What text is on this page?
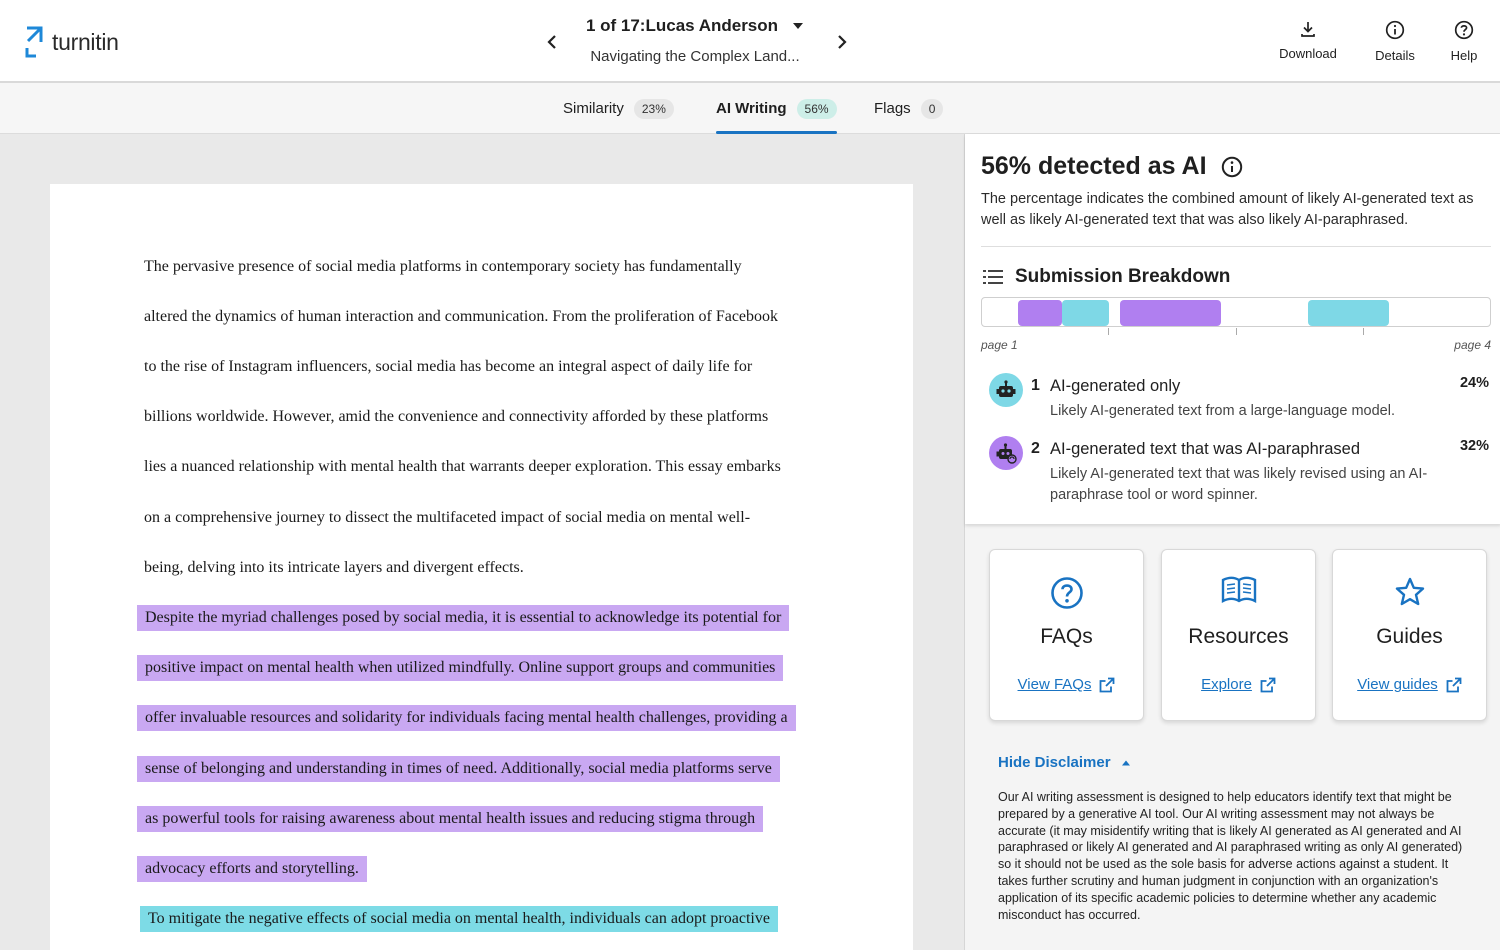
turnitin
1 of 17:Lucas Anderson
Navigating the Complex Land...	Download	Details	Help
Similarity	23%	AI Writing	56%	Flags	0
The pervasive presence of social media platforms in contemporary society has fundamentally
altered the dynamics of human interaction and communication. From the proliferation of Facebook
to the rise of Instagram influencers, social media has become an integral aspect of daily life for
billions worldwide. However, amid the convenience and connectivity afforded by these platforms
lies a nuanced relationship with mental health that warrants deeper exploration. This essay embarks
on a comprehensive journey to dissect the multifaceted impact of social media on mental well-
being, delving into its intricate layers and divergent effects.
Despite the myriad challenges posed by social media, it is essential to acknowledge its potential for
positive impact on mental health when utilized mindfully. Online support groups and communities
offer invaluable resources and solidarity for individuals facing mental health challenges, providing a
sense of belonging and understanding in times of need. Additionally, social media platforms serve
as powerful tools for raising awareness about mental health issues and reducing stigma through
advocacy efforts and storytelling.
To mitigate the negative effects of social media on mental health, individuals can adopt proactive
56% detected as AI
The percentage indicates the combined amount of likely AI-generated text as well as likely AI-generated text that was also likely AI-paraphrased.
Submission Breakdown
page 1	page 4
1 AI-generated only
Likely AI-generated text from a large-language model.
24%
2 AI-generated text that was AI-paraphrased
Likely AI-generated text that was likely revised using an AI-paraphrase tool or word spinner.
32%
FAQs
View FAQs
Resources
Explore
Guides
View guides
Hide Disclaimer
Our AI writing assessment is designed to help educators identify text that might be prepared by a generative AI tool. Our AI writing assessment may not always be accurate (it may misidentify writing that is likely AI generated as AI generated and AI paraphrased or likely AI generated and AI paraphrased writing as only AI generated) so it should not be used as the sole basis for adverse actions against a student. It takes further scrutiny and human judgment in conjunction with an organization's application of its specific academic policies to determine whether any academic misconduct has occurred.
